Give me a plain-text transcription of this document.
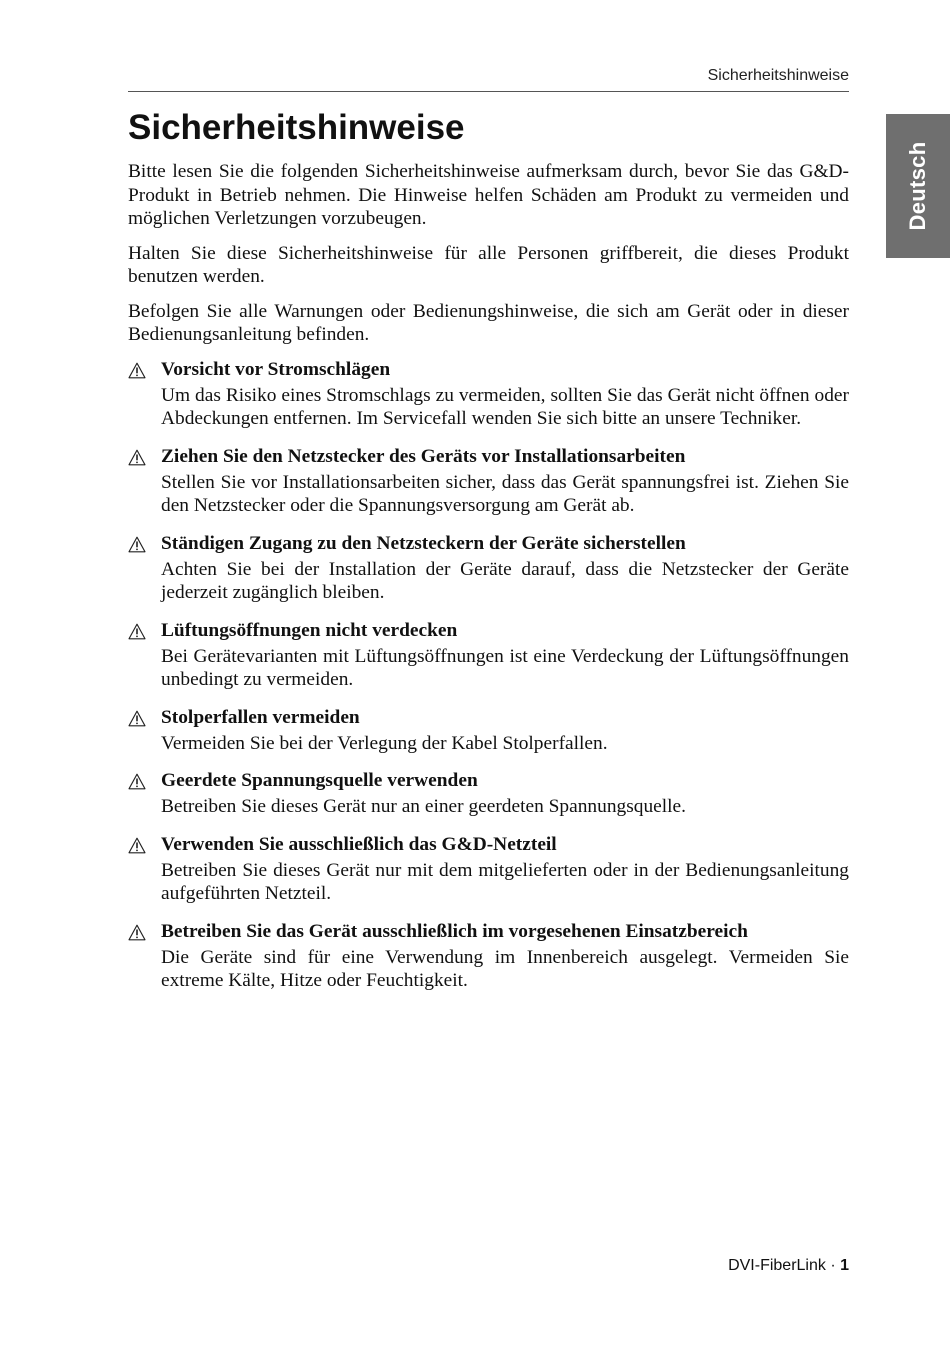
Sicherheitshinweise
Deutsch
Sicherheitshinweise

Bitte lesen Sie die folgenden Sicherheitshinweise aufmerksam durch, bevor Sie das G&D-Produkt in Betrieb nehmen. Die Hinweise helfen Schäden am Produkt zu vermeiden und möglichen Verletzungen vorzubeugen.

Halten Sie diese Sicherheitshinweise für alle Personen griffbereit, die dieses Produkt benutzen werden.

Befolgen Sie alle Warnungen oder Bedienungshinweise, die sich am Gerät oder in dieser Bedienungsanleitung befinden.

Vorsicht vor Stromschlägen

Um das Risiko eines Stromschlags zu vermeiden, sollten Sie das Gerät nicht öffnen oder Abdeckungen entfernen. Im Servicefall wenden Sie sich bitte an unsere Techniker.

Ziehen Sie den Netzstecker des Geräts vor Installationsarbeiten

Stellen Sie vor Installationsarbeiten sicher, dass das Gerät spannungsfrei ist. Ziehen Sie den Netzstecker oder die Spannungsversorgung am Gerät ab.

Ständigen Zugang zu den Netzsteckern der Geräte sicherstellen

Achten Sie bei der Installation der Geräte darauf, dass die Netzstecker der Geräte jederzeit zugänglich bleiben.

Lüftungsöffnungen nicht verdecken

Bei Gerätevarianten mit Lüftungsöffnungen ist eine Verdeckung der Lüftungsöffnungen unbedingt zu vermeiden.

Stolperfallen vermeiden

Vermeiden Sie bei der Verlegung der Kabel Stolperfallen.

Geerdete Spannungsquelle verwenden

Betreiben Sie dieses Gerät nur an einer geerdeten Spannungsquelle.

Verwenden Sie ausschließlich das G&D-Netzteil

Betreiben Sie dieses Gerät nur mit dem mitgelieferten oder in der Bedienungsanleitung aufgeführten Netzteil.

Betreiben Sie das Gerät ausschließlich im vorgesehenen Einsatzbereich

Die Geräte sind für eine Verwendung im Innenbereich ausgelegt. Vermeiden Sie extreme Kälte, Hitze oder Feuchtigkeit.

DVI-FiberLink · 1
